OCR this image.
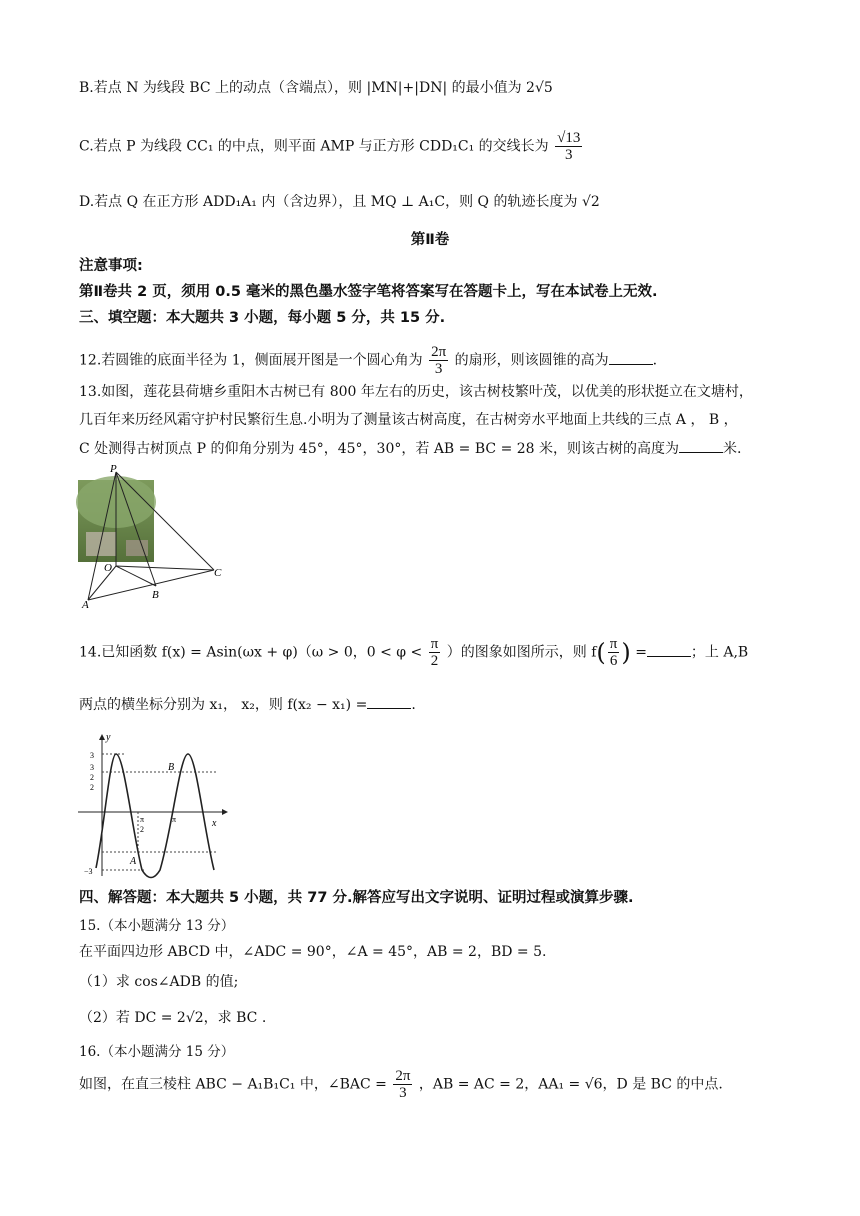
B.若点 N 为线段 BC 上的动点（含端点），则 |MN|+|DN| 的最小值为 2√5
C.若点 P 为线段 CC₁ 的中点，则平面 AMP 与正方形 CDD₁C₁ 的交线长为 $\frac{√13}{3}$
D.若点 Q 在正方形 ADD₁A₁ 内（含边界），且 MQ ⊥ A₁C，则 Q 的轨迹长度为 √2
第Ⅱ卷
注意事项:
第Ⅱ卷共 2 页，须用 0.5 毫米的黑色墨水签字笔将答案写在答题卡上，写在本试卷上无效.
三、填空题：本大题共 3 小题，每小题 5 分，共 15 分.
12.若圆锥的底面半径为 1，侧面展开图是一个圆心角为 $\frac{2\pi}{3}$ 的扇形，则该圆锥的高为	.
13.如图，莲花县荷塘乡重阳木古树已有 800 年左右的历史，该古树枝繁叶茂，以优美的形状挺立在文塘村，
几百年来历经风霜守护村民繁衍生息.小明为了测量该古树高度，在古树旁水平地面上共线的三点 A ， B ，
C 处测得古树顶点 P 的仰角分别为 45°，45°，30°，若 AB = BC = 28 米，则该古树的高度为	米.
P
O
A
B
C
14.已知函数 f(x) = Asin(ωx + φ)（ω > 0，$0 < \varphi < \frac{\pi}{2}$ ）的图象如图所示，则 $f( \frac{\pi}{6}$ ) =	；上 A,B
两点的横坐标分别为 x₁， x₂，则 f(x₂ − x₁) =	.
y
x
B
A
3
3
2
2
−3
π
2
π
四、解答题：本大题共 5 小题，共 77 分.解答应写出文字说明、证明过程或演算步骤.
15.（本小题满分 13 分）
在平面四边形 ABCD 中，∠ADC = 90°，∠A = 45°，AB = 2，BD = 5.
（1）求 cos∠ADB 的值;
（2）若 DC = 2√2，求 BC .
16.（本小题满分 15 分）
如图，在直三棱柱 ABC − A₁B₁C₁ 中，∠BAC = $\frac{2\pi}{3}$ ，AB = AC = 2，AA₁ = √6，D 是 BC 的中点.
